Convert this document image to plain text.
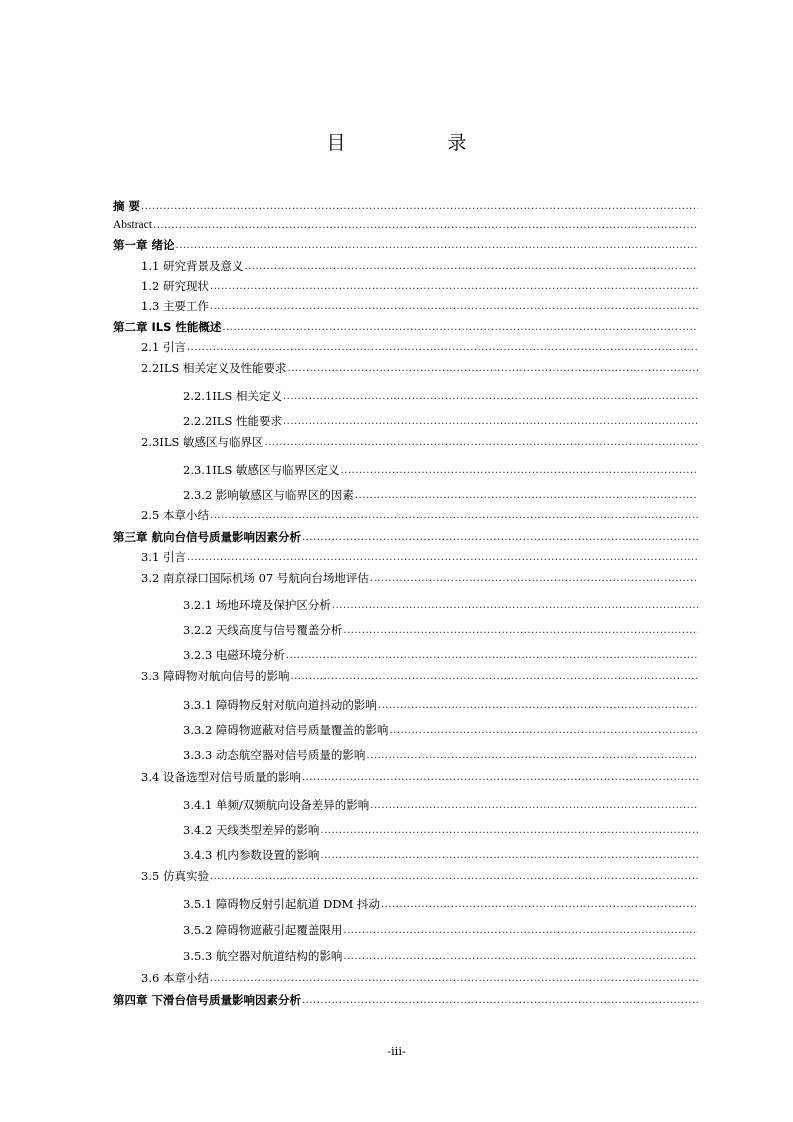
目 录
摘 要
.....
Abstract
.....
第一章 绪论
.....
1.1 研究背景及意义
.....
1.2 研究现状
.....
1.3 主要工作
.....
第二章 ILS 性能概述
.....
2.1 引言
.....
2.2ILS 相关定义及性能要求
.....
2.2.1ILS 相关定义
.....
2.2.2ILS 性能要求
.....
2.3ILS 敏感区与临界区
.....
2.3.1ILS 敏感区与临界区定义
.....
2.3.2 影响敏感区与临界区的因素
.....
2.5 本章小结
.....
第三章 航向台信号质量影响因素分析
.....
3.1 引言
.....
3.2 南京禄口国际机场 07 号航向台场地评估
.....
3.2.1 场地环境及保护区分析
.....
3.2.2 天线高度与信号覆盖分析
.....
3.2.3 电磁环境分析
.....
3.3 障碍物对航向信号的影响
.....
3.3.1 障碍物反射对航向道抖动的影响
.....
3.3.2 障碍物遮蔽对信号质量覆盖的影响
.....
3.3.3 动态航空器对信号质量的影响
.....
3.4 设备选型对信号质量的影响
.....
3.4.1 单频/双频航向设备差异的影响
.....
3.4.2 天线类型差异的影响
.....
3.4.3 机内参数设置的影响
.....
3.5 仿真实验
.....
3.5.1 障碍物反射引起航道 DDM 抖动
.....
3.5.2 障碍物遮蔽引起覆盖限用
.....
3.5.3 航空器对航道结构的影响
.....
3.6 本章小结
.....
第四章 下滑台信号质量影响因素分析
.....
-iii-
